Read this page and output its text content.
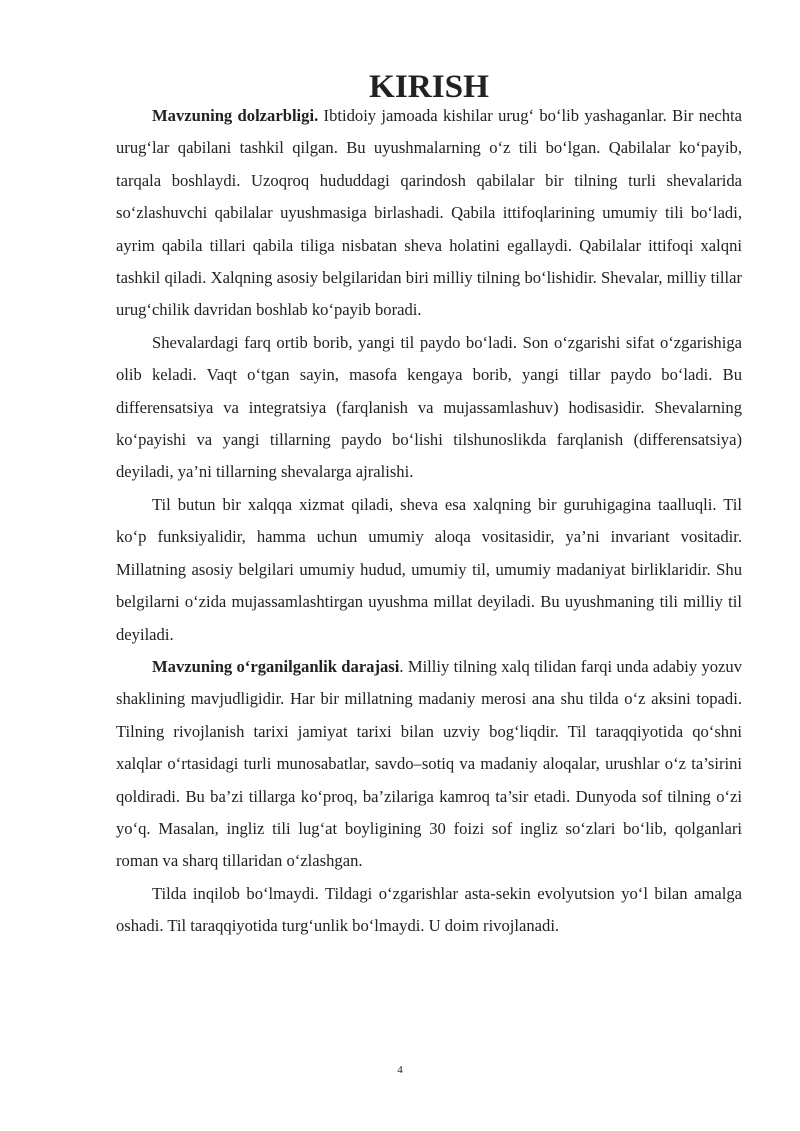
KIRISH

Mavzuning dolzarbligi. Ibtidoiy jamoada kishilar urug‘ bo‘lib yashaganlar. Bir nechta urug‘lar qabilani tashkil qilgan. Bu uyushmalarning o‘z tili bo‘lgan. Qabilalar ko‘payib, tarqala boshlaydi. Uzoqroq hududdagi qarindosh qabilalar bir tilning turli shevalarida so‘zlashuvchi qabilalar uyushmasiga birlashadi. Qabila ittifoqlarining umumiy tili bo‘ladi, ayrim qabila tillari qabila tiliga nisbatan sheva holatini egallaydi. Qabilalar ittifoqi xalqni tashkil qiladi. Xalqning asosiy belgilaridan biri milliy tilning bo‘lishidir. Shevalar, milliy tillar urug‘chilik davridan boshlab ko‘payib boradi.

Shevalardagi farq ortib borib, yangi til paydo bo‘ladi. Son o‘zgarishi sifat o‘zgarishiga olib keladi. Vaqt o‘tgan sayin, masofa kengaya borib, yangi tillar paydo bo‘ladi. Bu differensatsiya va integratsiya (farqlanish va mujassamlashuv) hodisasidir. Shevalarning ko‘payishi va yangi tillarning paydo bo‘lishi tilshunoslikda farqlanish (differensatsiya) deyiladi, ya’ni tillarning shevalarga ajralishi.

Til butun bir xalqqa xizmat qiladi, sheva esa xalqning bir guruhigagina taalluqli. Til ko‘p funksiyalidir, hamma uchun umumiy aloqa vositasidir, ya’ni invariant vositadir. Millatning asosiy belgilari umumiy hudud, umumiy til, umumiy madaniyat birliklaridir. Shu belgilarni o‘zida mujassamlashtirgan uyushma millat deyiladi. Bu uyushmaning tili milliy til deyiladi.

Mavzuning o‘rganilganlik darajasi. Milliy tilning xalq tilidan farqi unda adabiy yozuv shaklining mavjudligidir. Har bir millatning madaniy merosi ana shu tilda o‘z aksini topadi. Tilning rivojlanish tarixi jamiyat tarixi bilan uzviy bog‘liqdir. Til taraqqiyotida qo‘shni xalqlar o‘rtasidagi turli munosabatlar, savdo–sotiq va madaniy aloqalar, urushlar o‘z ta’sirini qoldiradi. Bu ba’zi tillarga ko‘proq, ba’zilariga kamroq ta’sir etadi. Dunyoda sof tilning o‘zi yo‘q. Masalan, ingliz tili lug‘at boyligining 30 foizi sof ingliz so‘zlari bo‘lib, qolganlari roman va sharq tillaridan o‘zlashgan.

Tilda inqilob bo‘lmaydi. Tildagi o‘zgarishlar asta-sekin evolyutsion yo‘l bilan amalga oshadi. Til taraqqiyotida turg‘unlik bo‘lmaydi. U doim rivojlanadi.

4
